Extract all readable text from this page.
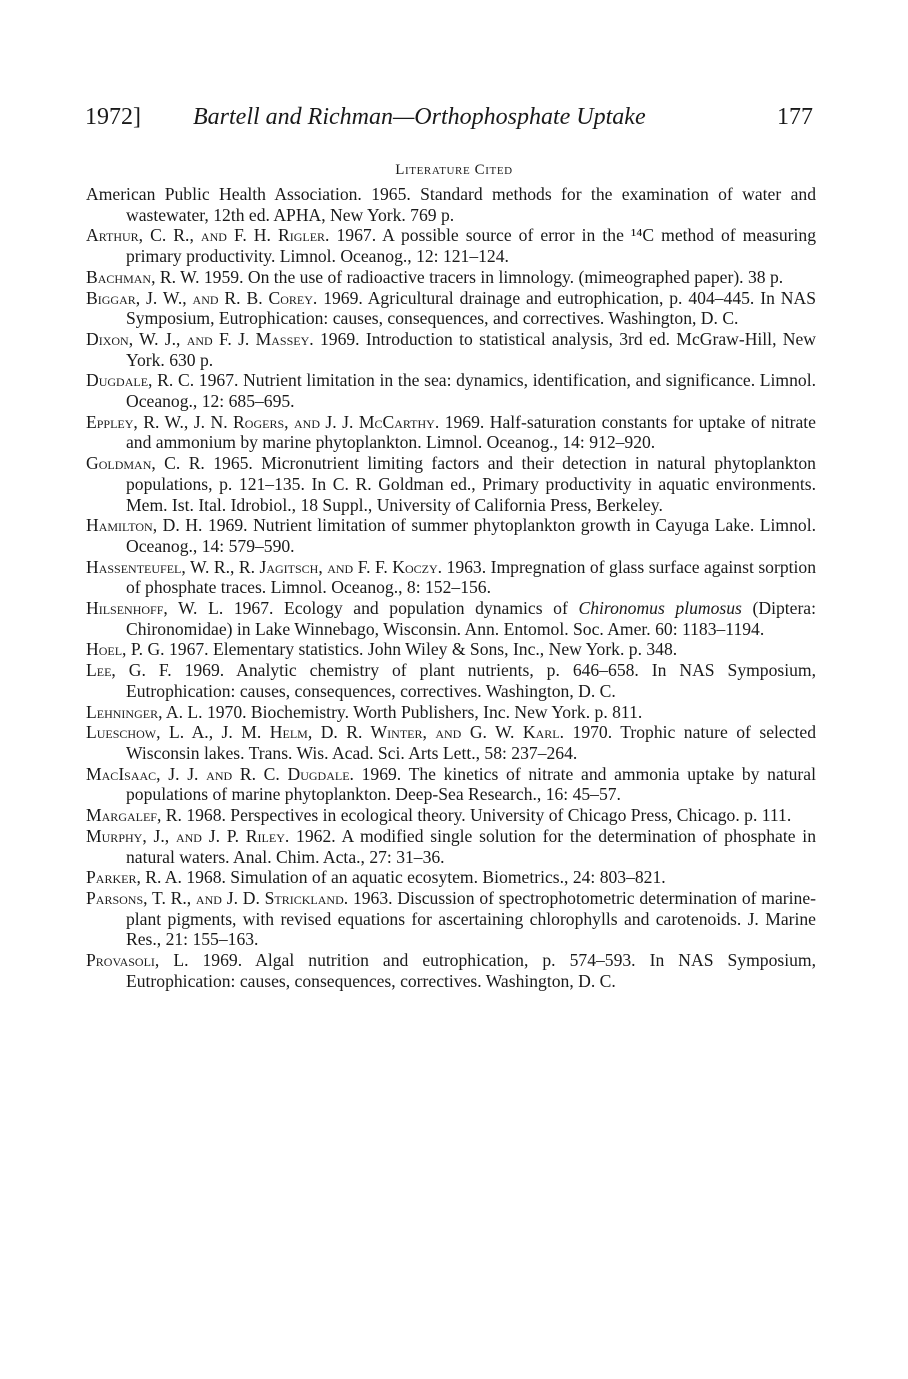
1972] Bartell and Richman—Orthophosphate Uptake	177
Literature Cited
American Public Health Association. 1965. Standard methods for the examination of water and wastewater, 12th ed. APHA, New York. 769 p.
Arthur, C. R., and F. H. Rigler. 1967. A possible source of error in the ¹⁴C method of measuring primary productivity. Limnol. Oceanog., 12: 121–124.
Bachman, R. W. 1959. On the use of radioactive tracers in limnology. (mimeographed paper). 38 p.
Biggar, J. W., and R. B. Corey. 1969. Agricultural drainage and eutrophication, p. 404–445. In NAS Symposium, Eutrophication: causes, consequences, and correctives. Washington, D. C.
Dixon, W. J., and F. J. Massey. 1969. Introduction to statistical analysis, 3rd ed. McGraw-Hill, New York. 630 p.
Dugdale, R. C. 1967. Nutrient limitation in the sea: dynamics, identification, and significance. Limnol. Oceanog., 12: 685–695.
Eppley, R. W., J. N. Rogers, and J. J. McCarthy. 1969. Half-saturation constants for uptake of nitrate and ammonium by marine phytoplankton. Limnol. Oceanog., 14: 912–920.
Goldman, C. R. 1965. Micronutrient limiting factors and their detection in natural phytoplankton populations, p. 121–135. In C. R. Goldman ed., Primary productivity in aquatic environments. Mem. Ist. Ital. Idrobiol., 18 Suppl., University of California Press, Berkeley.
Hamilton, D. H. 1969. Nutrient limitation of summer phytoplankton growth in Cayuga Lake. Limnol. Oceanog., 14: 579–590.
Hassenteufel, W. R., R. Jagitsch, and F. F. Koczy. 1963. Impregnation of glass surface against sorption of phosphate traces. Limnol. Oceanog., 8: 152–156.
Hilsenhoff, W. L. 1967. Ecology and population dynamics of Chironomus plumosus (Diptera: Chironomidae) in Lake Winnebago, Wisconsin. Ann. Entomol. Soc. Amer. 60: 1183–1194.
Hoel, P. G. 1967. Elementary statistics. John Wiley & Sons, Inc., New York. p. 348.
Lee, G. F. 1969. Analytic chemistry of plant nutrients, p. 646–658. In NAS Symposium, Eutrophication: causes, consequences, correctives. Washington, D. C.
Lehninger, A. L. 1970. Biochemistry. Worth Publishers, Inc. New York. p. 811.
Lueschow, L. A., J. M. Helm, D. R. Winter, and G. W. Karl. 1970. Trophic nature of selected Wisconsin lakes. Trans. Wis. Acad. Sci. Arts Lett., 58: 237–264.
MacIsaac, J. J. and R. C. Dugdale. 1969. The kinetics of nitrate and ammonia uptake by natural populations of marine phytoplankton. Deep-Sea Research., 16: 45–57.
Margalef, R. 1968. Perspectives in ecological theory. University of Chicago Press, Chicago. p. 111.
Murphy, J., and J. P. Riley. 1962. A modified single solution for the determination of phosphate in natural waters. Anal. Chim. Acta., 27: 31–36.
Parker, R. A. 1968. Simulation of an aquatic ecosytem. Biometrics., 24: 803–821.
Parsons, T. R., and J. D. Strickland. 1963. Discussion of spectrophotometric determination of marine-plant pigments, with revised equations for ascertaining chlorophylls and carotenoids. J. Marine Res., 21: 155–163.
Provasoli, L. 1969. Algal nutrition and eutrophication, p. 574–593. In NAS Symposium, Eutrophication: causes, consequences, correctives. Washington, D. C.
